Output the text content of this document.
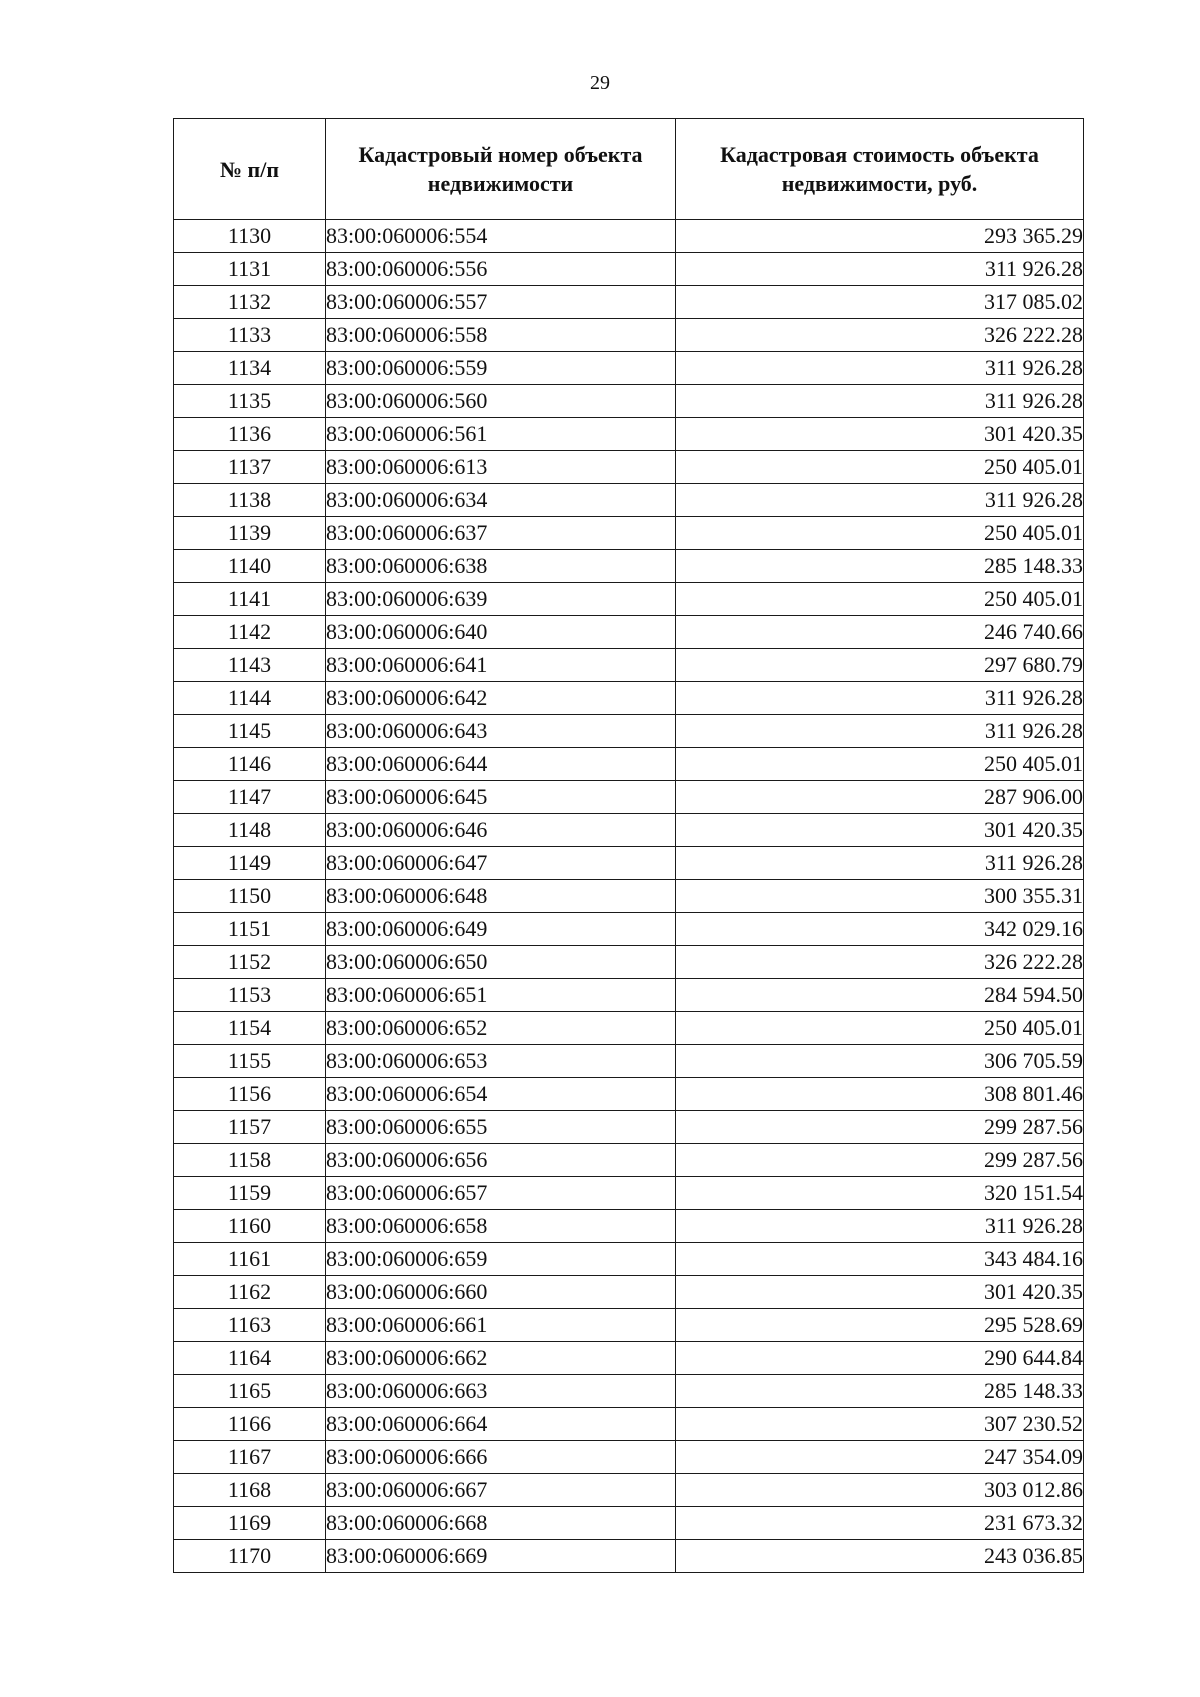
29
№ п/п	Кадастровый номер объекта недвижимости	Кадастровая стоимость объекта недвижимости, руб.
1130	83:00:060006:554	293 365.29
1131	83:00:060006:556	311 926.28
1132	83:00:060006:557	317 085.02
1133	83:00:060006:558	326 222.28
1134	83:00:060006:559	311 926.28
1135	83:00:060006:560	311 926.28
1136	83:00:060006:561	301 420.35
1137	83:00:060006:613	250 405.01
1138	83:00:060006:634	311 926.28
1139	83:00:060006:637	250 405.01
1140	83:00:060006:638	285 148.33
1141	83:00:060006:639	250 405.01
1142	83:00:060006:640	246 740.66
1143	83:00:060006:641	297 680.79
1144	83:00:060006:642	311 926.28
1145	83:00:060006:643	311 926.28
1146	83:00:060006:644	250 405.01
1147	83:00:060006:645	287 906.00
1148	83:00:060006:646	301 420.35
1149	83:00:060006:647	311 926.28
1150	83:00:060006:648	300 355.31
1151	83:00:060006:649	342 029.16
1152	83:00:060006:650	326 222.28
1153	83:00:060006:651	284 594.50
1154	83:00:060006:652	250 405.01
1155	83:00:060006:653	306 705.59
1156	83:00:060006:654	308 801.46
1157	83:00:060006:655	299 287.56
1158	83:00:060006:656	299 287.56
1159	83:00:060006:657	320 151.54
1160	83:00:060006:658	311 926.28
1161	83:00:060006:659	343 484.16
1162	83:00:060006:660	301 420.35
1163	83:00:060006:661	295 528.69
1164	83:00:060006:662	290 644.84
1165	83:00:060006:663	285 148.33
1166	83:00:060006:664	307 230.52
1167	83:00:060006:666	247 354.09
1168	83:00:060006:667	303 012.86
1169	83:00:060006:668	231 673.32
1170	83:00:060006:669	243 036.85
